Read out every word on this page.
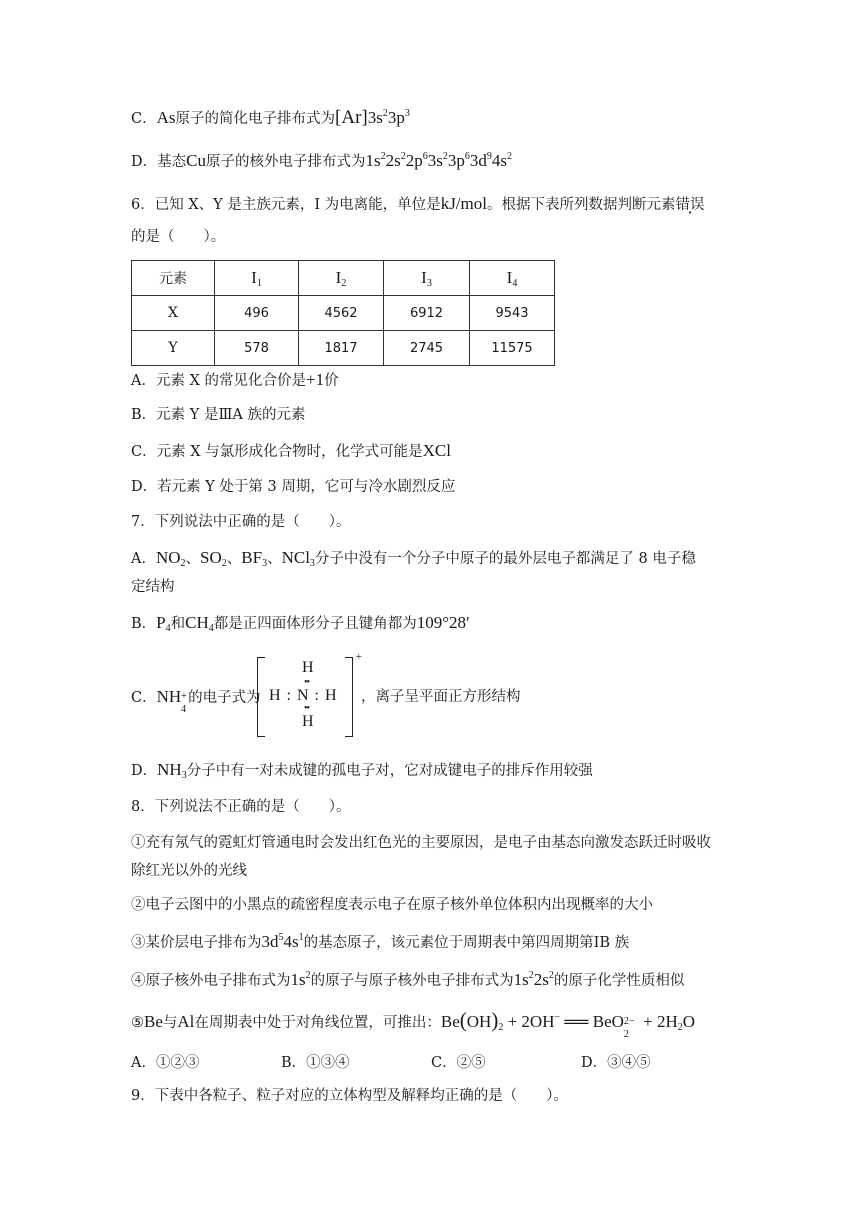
C．As原子的简化电子排布式为$[Ar]3s^23p^3$
D．基态Cu原子的核外电子排布式为$1s^22s^22p^63s^23p^63d^94s^2$
6．已知 X、Y 是主族元素，I 为电离能，单位是kJ/mol。根据下表所列数据判断元素错误
的是（　　）。
元素	$I_1$	$I_2$	$I_3$	$I_4$
X	496	4562	6912	9543
Y	578	1817	2745	11575
A．元素 X 的常见化合价是+1价
B．元素 Y 是ⅢA 族的元素
C．元素 X 与氯形成化合物时，化学式可能是XCl
D．若元素 Y 处于第 3 周期，它可与冷水剧烈反应
7．下列说法中正确的是（　　）。
A．$NO_2$、$SO_2$、$BF_3$、NCl$_3$分子中没有一个分子中原子的最外层电子都满足了 8 电子稳
定结构
B．$P_4$和$CH_4$都是正四面体形分子且键角都为109°28′
C．NH +
4
的电子式为
+
H
••
H : N : H
••
H
，离子呈平面正方形结构
D．$NH_3$分子中有一对未成键的孤电子对，它对成键电子的排斥作用较强
8．下列说法不正确的是（　　）。
①充有氖气的霓虹灯管通电时会发出红色光的主要原因，是电子由基态向激发态跃迁时吸收
除红光以外的光线
②电子云图中的小黑点的疏密程度表示电子在原子核外单位体积内出现概率的大小
③某价层电子排布为$3d^54s^1$的基态原子，该元素位于周期表中第四周期第ⅠB 族
④原子核外电子排布式为$1s^2$的原子与原子核外电子排布式为$1s^22s^2$的原子化学性质相似
⑤Be与Al在周期表中处于对角线位置，可推出：$Be(OH)_2 + 2OH^-$ ══ BeO 2−
2
+ $2H_2O$
A．①②③	B．①③④	C．②⑤	D．③④⑤
9．下表中各粒子、粒子对应的立体构型及解释均正确的是（　　）。
